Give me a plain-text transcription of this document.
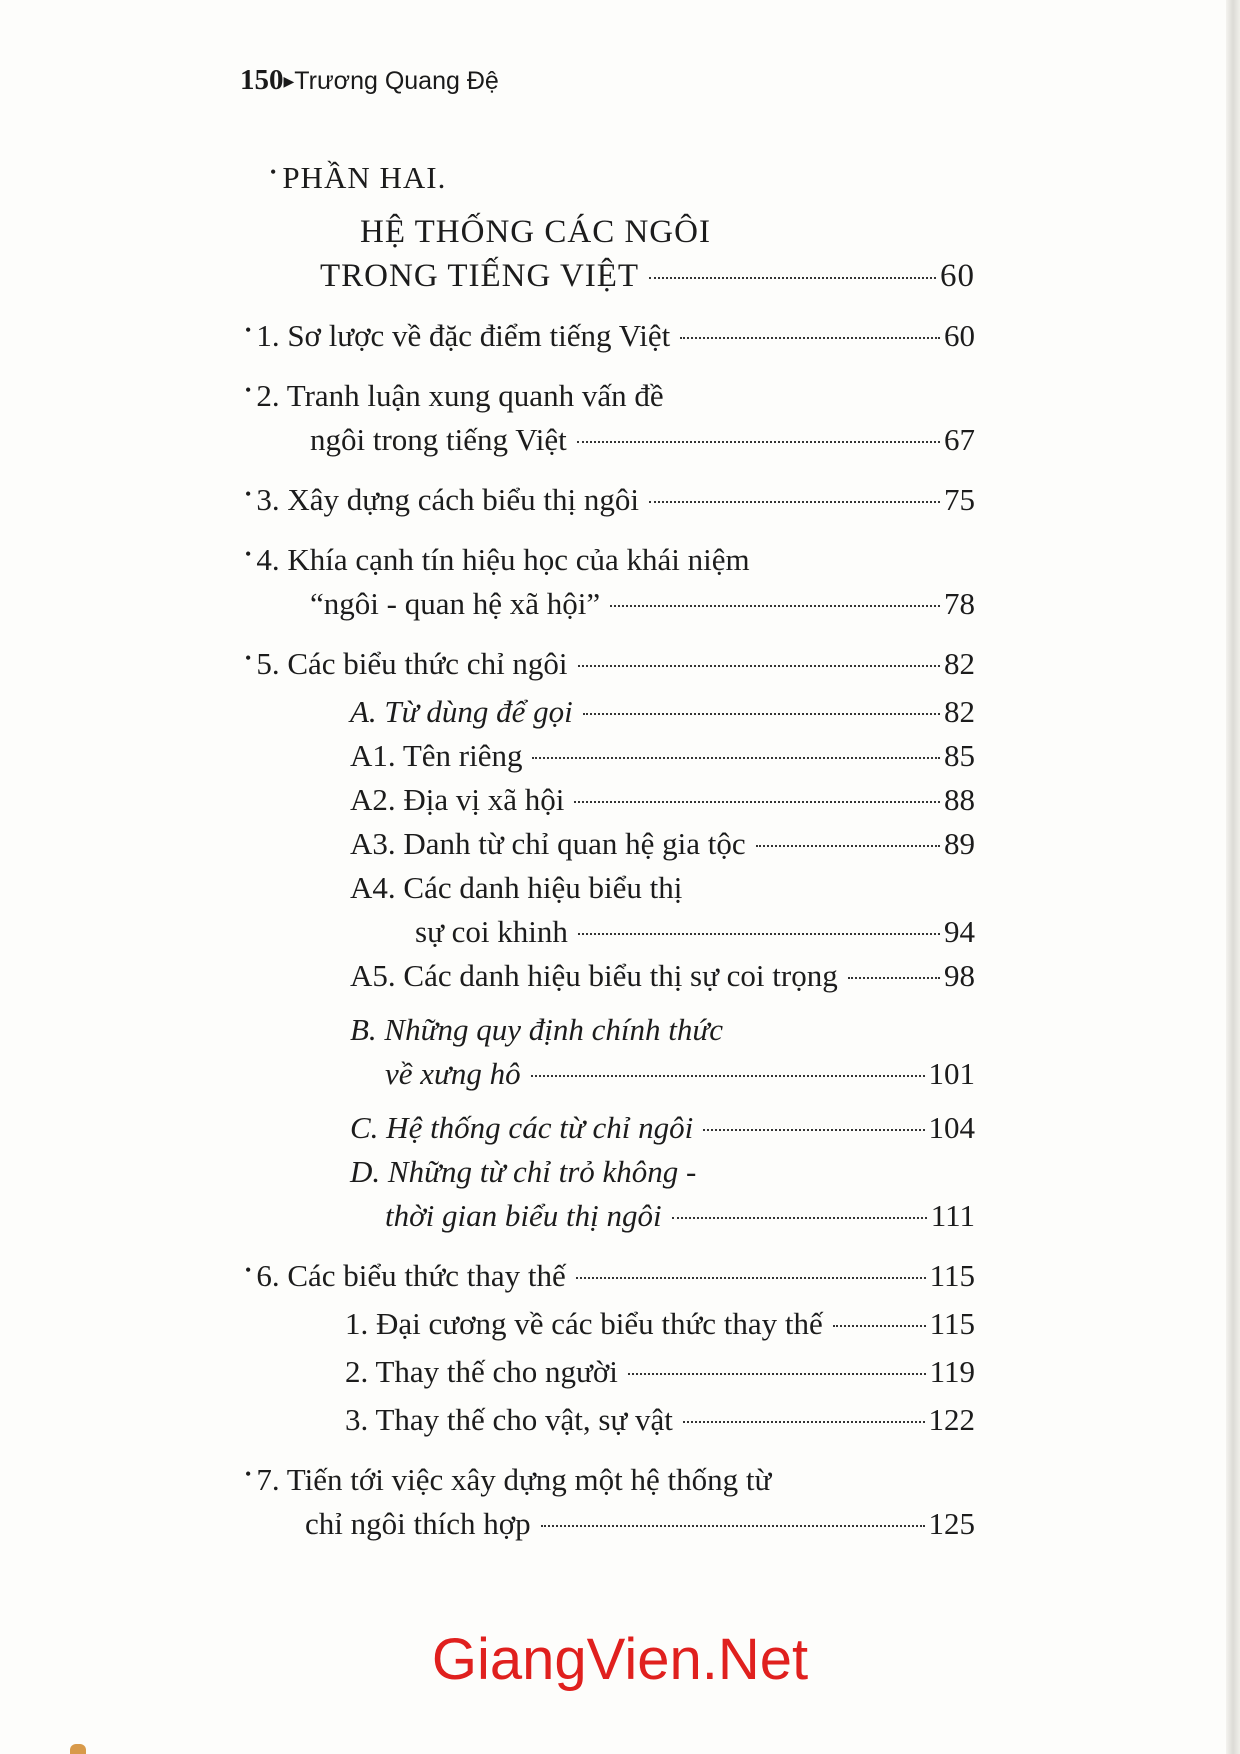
150▶Trương Quang Đệ
• PHẦN HAI.
HỆ THỐNG CÁC NGÔI
TRONG TIẾNG VIỆT	60
• 1. Sơ lược về đặc điểm tiếng Việt	60
• 2. Tranh luận xung quanh vấn đề
ngôi trong tiếng Việt	67
• 3. Xây dựng cách biểu thị ngôi	75
• 4. Khía cạnh tín hiệu học của khái niệm
“ngôi - quan hệ xã hội”	78
• 5. Các biểu thức chỉ ngôi	82
A. Từ dùng để gọi	82
A1. Tên riêng	85
A2. Địa vị xã hội	88
A3. Danh từ chỉ quan hệ gia tộc	89
A4. Các danh hiệu biểu thị
sự coi khinh	94
A5. Các danh hiệu biểu thị sự coi trọng	98
B. Những quy định chính thức
về xưng hô	101
C. Hệ thống các từ chỉ ngôi	104
D. Những từ chỉ trỏ không -
thời gian biểu thị ngôi	111
• 6. Các biểu thức thay thế	115
1. Đại cương về các biểu thức thay thế	115
2. Thay thế cho người	119
3. Thay thế cho vật, sự vật	122
• 7. Tiến tới việc xây dựng một hệ thống từ
chỉ ngôi thích hợp	125
GiangVien.Net
